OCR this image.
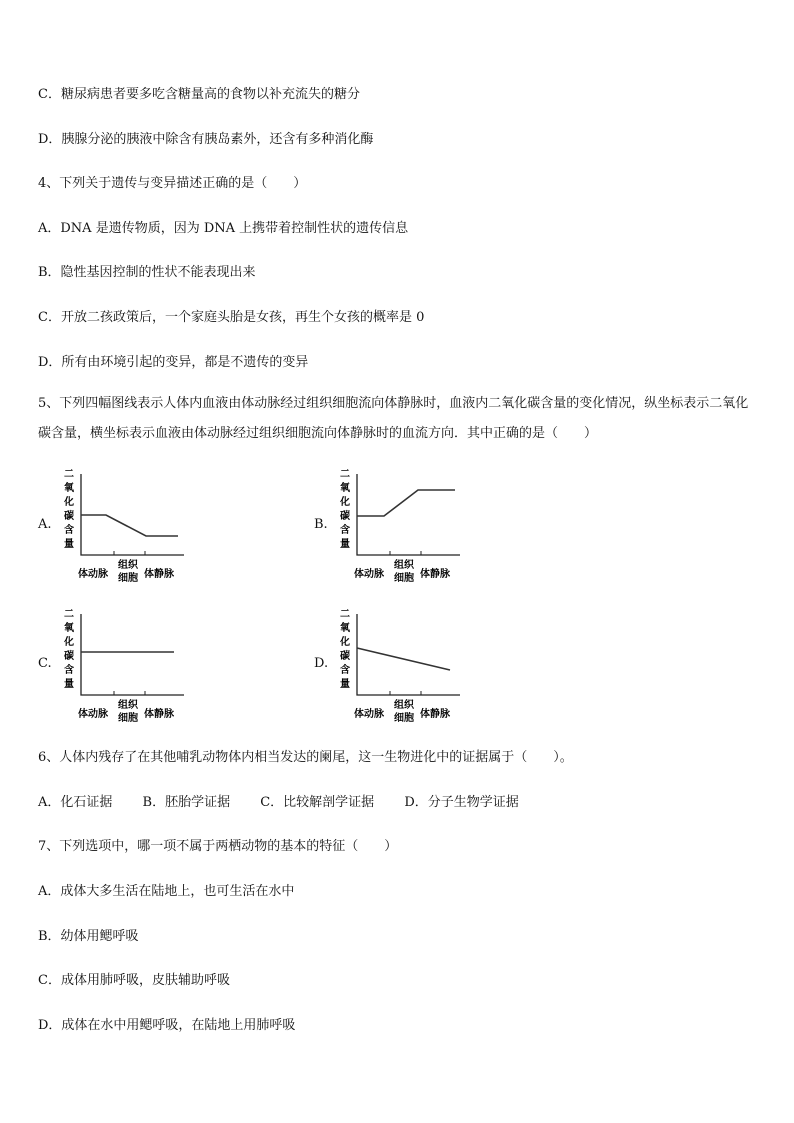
C．糖尿病患者要多吃含糖量高的食物以补充流失的糖分
D．胰腺分泌的胰液中除含有胰岛素外，还含有多种消化酶
4、下列关于遗传与变异描述正确的是（　　）
A．DNA 是遗传物质，因为 DNA 上携带着控制性状的遗传信息
B．隐性基因控制的性状不能表现出来
C．开放二孩政策后，一个家庭头胎是女孩，再生个女孩的概率是 0
D．所有由环境引起的变异，都是不遗传的变异
5、下列四幅图线表示人体内血液由体动脉经过组织细胞流向体静脉时，血液内二氧化碳含量的变化情况，纵坐标表示二氧化碳含量，横坐标表示血液由体动脉经过组织细胞流向体静脉时的血流方向．其中正确的是（　　）
A.
二
氧
化
碳
含
量
体动脉
组织
细胞 体静脉
B.
二
氧
化
碳
含
量
体动脉
组织
细胞 体静脉
C.
二
氧
化
碳
含
量
体动脉
组织
细胞 体静脉
D.
二
氧
化
碳
含
量
体动脉
组织
细胞 体静脉
6、人体内残存了在其他哺乳动物体内相当发达的阑尾，这一生物进化中的证据属于（　　）。
A．化石证据 B．胚胎学证据 C．比较解剖学证据 D．分子生物学证据
7、下列选项中，哪一项不属于两栖动物的基本的特征（　　）
A．成体大多生活在陆地上，也可生活在水中
B．幼体用鳃呼吸
C．成体用肺呼吸，皮肤辅助呼吸
D．成体在水中用鳃呼吸，在陆地上用肺呼吸
